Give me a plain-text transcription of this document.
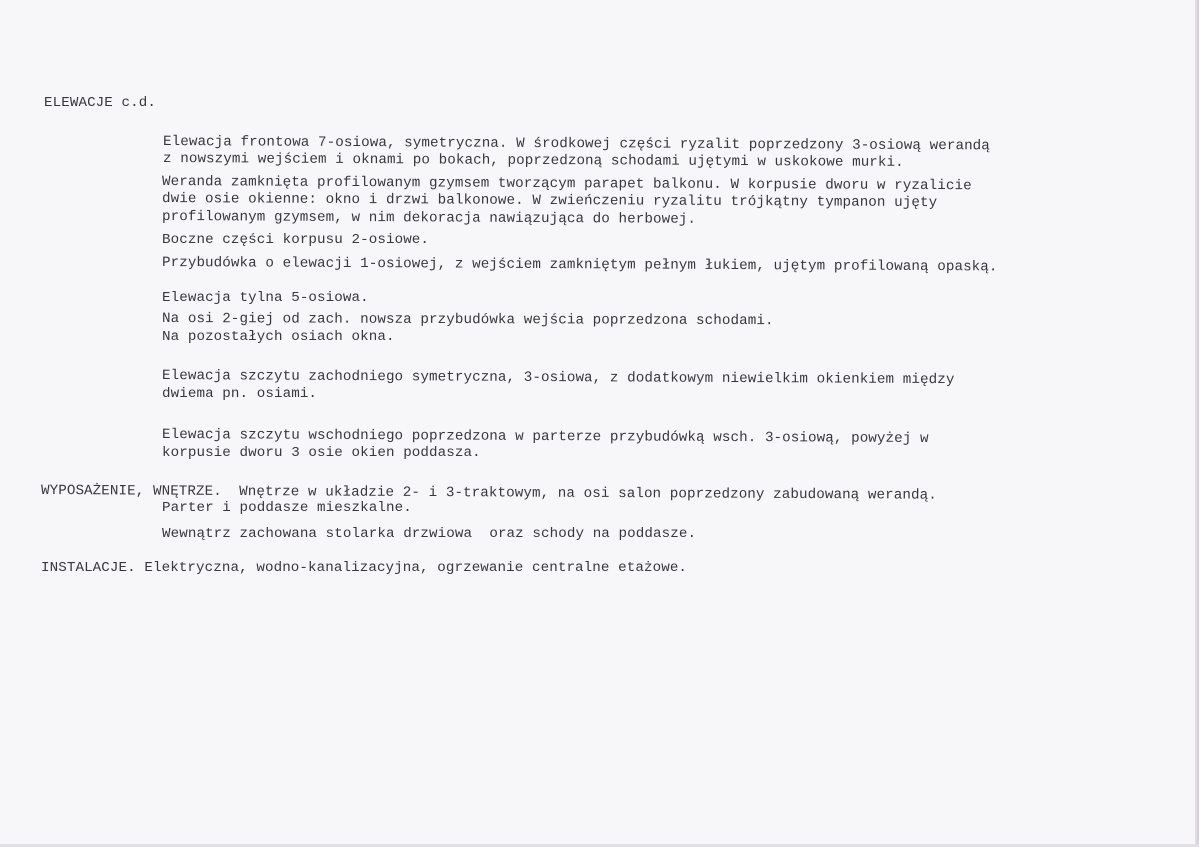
ELEWACJE c.d.
Elewacja frontowa 7-osiowa, symetryczna. W środkowej części ryzalit poprzedzony 3-osiową werandą
z nowszymi wejściem i oknami po bokach, poprzedzoną schodami ujętymi w uskokowe murki.
Weranda zamknięta profilowanym gzymsem tworzącym parapet balkonu. W korpusie dworu w ryzalicie
dwie osie okienne: okno i drzwi balkonowe. W zwieńczeniu ryzalitu trójkątny tympanon ujęty
profilowanym gzymsem, w nim dekoracja nawiązująca do herbowej.
Boczne części korpusu 2-osiowe.
Przybudówka o elewacji 1-osiowej, z wejściem zamkniętym pełnym łukiem, ujętym profilowaną opaską.
Elewacja tylna 5-osiowa.
Na osi 2-giej od zach. nowsza przybudówka wejścia poprzedzona schodami.
Na pozostałych osiach okna.
Elewacja szczytu zachodniego symetryczna, 3-osiowa, z dodatkowym niewielkim okienkiem między
dwiema pn. osiami.
Elewacja szczytu wschodniego poprzedzona w parterze przybudówką wsch. 3-osiową, powyżej w
korpusie dworu 3 osie okien poddasza.
WYPOSAŻENIE, WNĘTRZE.  Wnętrze w układzie 2- i 3-traktowym, na osi salon poprzedzony zabudowaną werandą.
Parter i poddasze mieszkalne.
Wewnątrz zachowana stolarka drzwiowa  oraz schody na poddasze.
INSTALACJE. Elektryczna, wodno-kanalizacyjna, ogrzewanie centralne etażowe.
